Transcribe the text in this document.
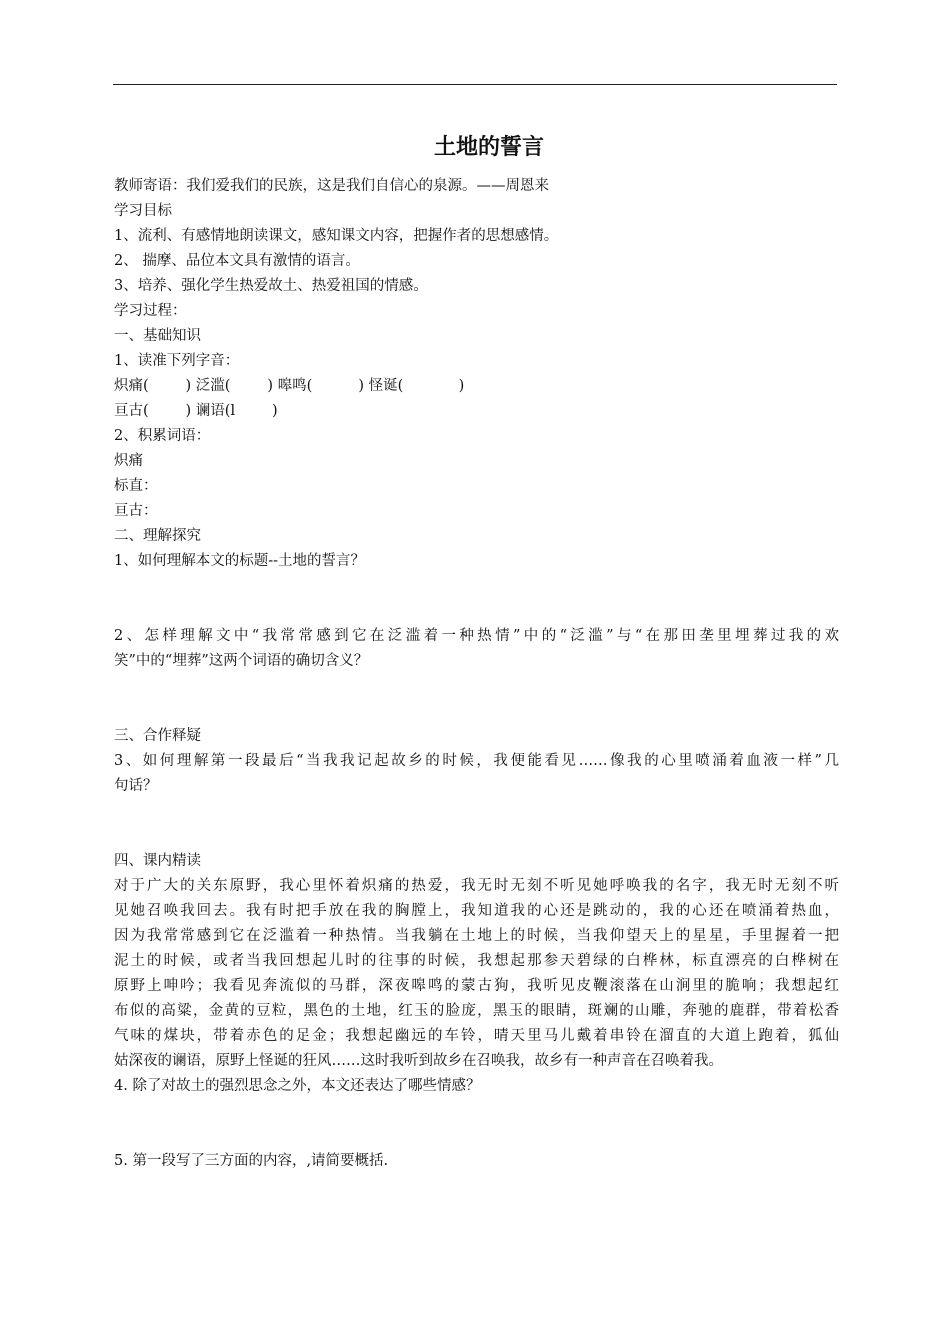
土地的誓言
教师寄语：我们爱我们的民族，这是我们自信心的泉源。——周恩来
学习目标
1、流利、有感情地朗读课文，感知课文内容，把握作者的思想感情。
2、 揣摩、品位本文具有激情的语言。
3、培养、强化学生热爱故土、热爱祖国的情感。
学习过程：
一、基础知识
1、读准下列字音：
炽痛(        ) 泛滥(        ) 嗥鸣(          ) 怪诞(            )
亘古(        ) 谰语(l        )
2、积累词语：
炽痛
标直：
亘古：
二、理解探究
1、如何理解本文的标题--土地的誓言？
2、怎样理解文中“我常常感到它在泛滥着一种热情”中的“泛滥”与“在那田垄里埋葬过我的欢
笑”中的“埋葬”这两个词语的确切含义？
三、合作释疑
3、如何理解第一段最后“当我我记起故乡的时候，我便能看见……像我的心里喷涌着血液一样”几
句话？
四、课内精读
对于广大的关东原野，我心里怀着炽痛的热爱，我无时无刻不听见她呼唤我的名字，我无时无刻不听
见她召唤我回去。我有时把手放在我的胸膛上，我知道我的心还是跳动的，我的心还在喷涌着热血，
因为我常常感到它在泛滥着一种热情。当我躺在土地上的时候，当我仰望天上的星星，手里握着一把
泥土的时候，或者当我回想起儿时的往事的时候，我想起那参天碧绿的白桦林，标直漂亮的白桦树在
原野上呻吟；我看见奔流似的马群，深夜嗥鸣的蒙古狗，我听见皮鞭滚落在山涧里的脆响；我想起红
布似的高粱，金黄的豆粒，黑色的土地，红玉的脸庞，黑玉的眼睛，斑斓的山雕，奔驰的鹿群，带着松香
气味的煤块，带着赤色的足金；我想起幽远的车铃，晴天里马儿戴着串铃在溜直的大道上跑着，狐仙
姑深夜的谰语，原野上怪诞的狂风……这时我听到故乡在召唤我，故乡有一种声音在召唤着我。
4. 除了对故土的强烈思念之外，本文还表达了哪些情感？
5. 第一段写了三方面的内容，,请简要概括.
